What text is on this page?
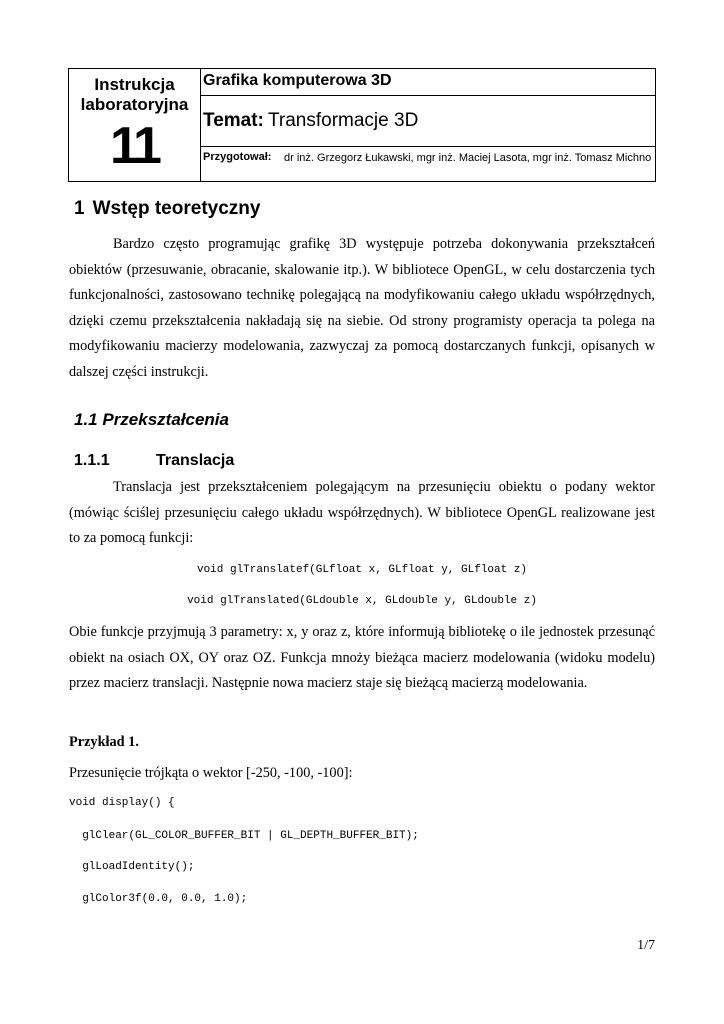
Instrukcja
laboratoryjna
11
Grafika komputerowa 3D
Temat: Transformacje 3D
Przygotował: dr inż. Grzegorz Łukawski, mgr inż. Maciej Lasota, mgr inż. Tomasz Michno
1 Wstęp teoretyczny
Bardzo często programując grafikę 3D występuje potrzeba dokonywania przekształceń obiektów (przesuwanie, obracanie, skalowanie itp.). W bibliotece OpenGL, w celu dostarczenia tych funkcjonalności, zastosowano technikę polegającą na modyfikowaniu całego układu współrzędnych, dzięki czemu przekształcenia nakładają się na siebie. Od strony programisty operacja ta polega na modyfikowaniu macierzy modelowania, zazwyczaj za pomocą dostarczanych funkcji, opisanych w dalszej części instrukcji.
1.1 Przekształcenia
1.1.1	Translacja
Translacja jest przekształceniem polegającym na przesunięciu obiektu o podany wektor (mówiąc ściślej przesunięciu całego układu współrzędnych). W bibliotece OpenGL realizowane jest to za pomocą funkcji:
void glTranslatef(GLfloat x, GLfloat y, GLfloat z)
void glTranslated(GLdouble x, GLdouble y, GLdouble z)
Obie funkcje przyjmują 3 parametry: x, y oraz z, które informują bibliotekę o ile jednostek przesunąć obiekt na osiach OX, OY oraz OZ. Funkcja mnoży bieżąca macierz modelowania (widoku modelu) przez macierz translacji. Następnie nowa macierz staje się bieżącą macierzą modelowania.
Przykład 1.
Przesunięcie trójkąta o wektor [-250, -100, -100]:
void display() {
glClear(GL_COLOR_BUFFER_BIT | GL_DEPTH_BUFFER_BIT);
glLoadIdentity();
glColor3f(0.0, 0.0, 1.0);
1/7
